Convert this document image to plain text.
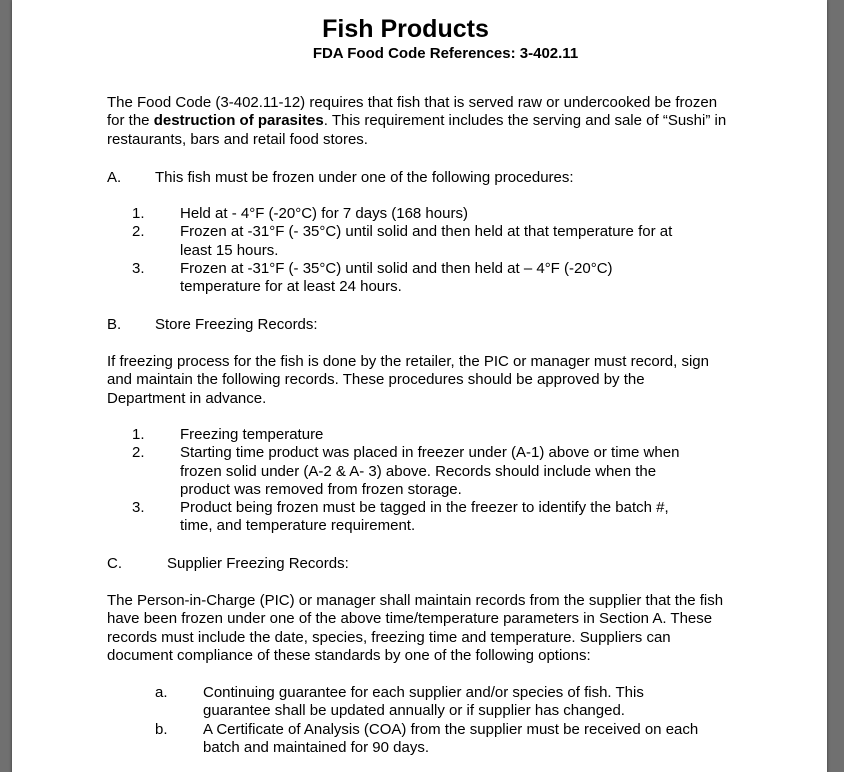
Fish Products
FDA Food Code References: 3-402.11

The Food Code (3-402.11-12) requires that fish that is served raw or undercooked be frozen for the destruction of parasites. This requirement includes the serving and sale of “Sushi” in restaurants, bars and retail food stores.

A. This fish must be frozen under one of the following procedures:
1. Held at - 4°F (-20°C) for 7 days (168 hours)
2. Frozen at -31°F (- 35°C) until solid and then held at that temperature for at least 15 hours.
3. Frozen at -31°F (- 35°C) until solid and then held at – 4°F (-20°C) temperature for at least 24 hours.
B. Store Freezing Records:

If freezing process for the fish is done by the retailer, the PIC or manager must record, sign and maintain the following records. These procedures should be approved by the Department in advance.

1. Freezing temperature
2. Starting time product was placed in freezer under (A-1) above or time when frozen solid under (A-2 & A- 3) above. Records should include when the product was removed from frozen storage.
3. Product being frozen must be tagged in the freezer to identify the batch #, time, and temperature requirement.
C.	Supplier Freezing Records:

The Person-in-Charge (PIC) or manager shall maintain records from the supplier that the fish have been frozen under one of the above time/temperature parameters in Section A. These records must include the date, species, freezing time and temperature. Suppliers can document compliance of these standards by one of the following options:

a. Continuing guarantee for each supplier and/or species of fish. This guarantee shall be updated annually or if supplier has changed.
b. A Certificate of Analysis (COA) from the supplier must be received on each batch and maintained for 90 days.
